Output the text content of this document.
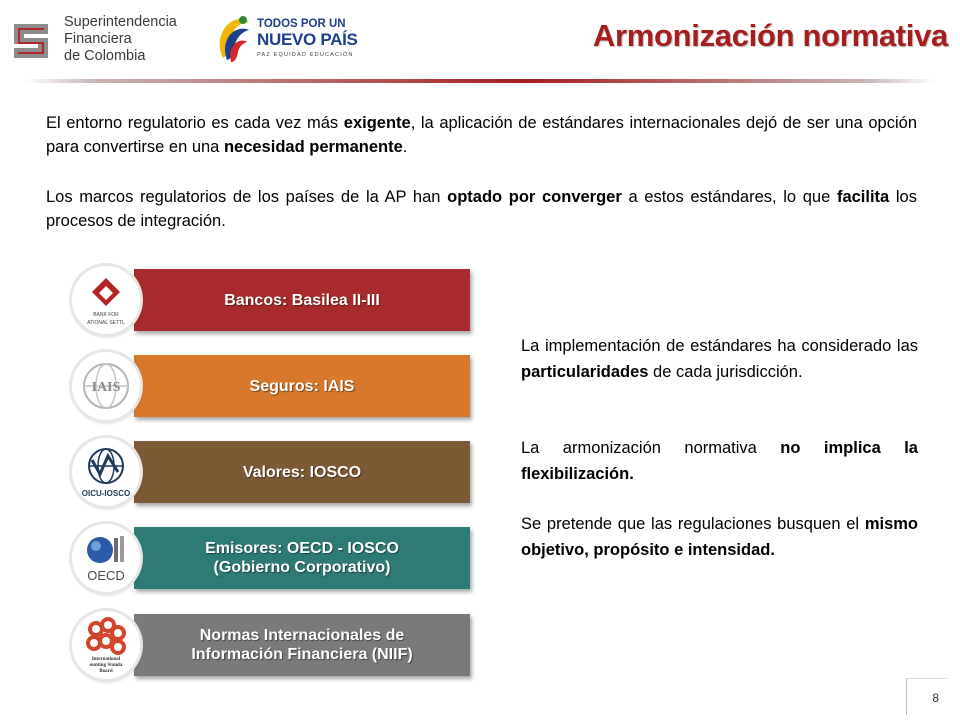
Superintendencia
Financiera
de Colombia
TODOS POR UN
NUEVO PAÍS
PAZ EQUIDAD EDUCACIÓN
Armonización normativa
El entorno regulatorio es cada vez más exigente, la aplicación de estándares internacionales dejó de ser una opción para convertirse en una necesidad permanente.
Los marcos regulatorios de los países de la AP han optado por converger a estos estándares, lo que facilita los procesos de integración.
Bancos: Basilea II-III
BANK FOR
ATIONAL SETTL
Seguros: IAIS
IAIS
Valores: IOSCO
OICU-IOSCO
Emisores: OECD - IOSCO
(Gobierno Corporativo)
OECD
Normas Internacionales de
Información Financiera (NIIF)
International
ounting Standa
Board
La implementación de estándares ha considerado las particularidades de cada jurisdicción.
La armonización normativa no implica la flexibilización.
Se pretende que las regulaciones busquen el mismo objetivo, propósito e intensidad.
8
